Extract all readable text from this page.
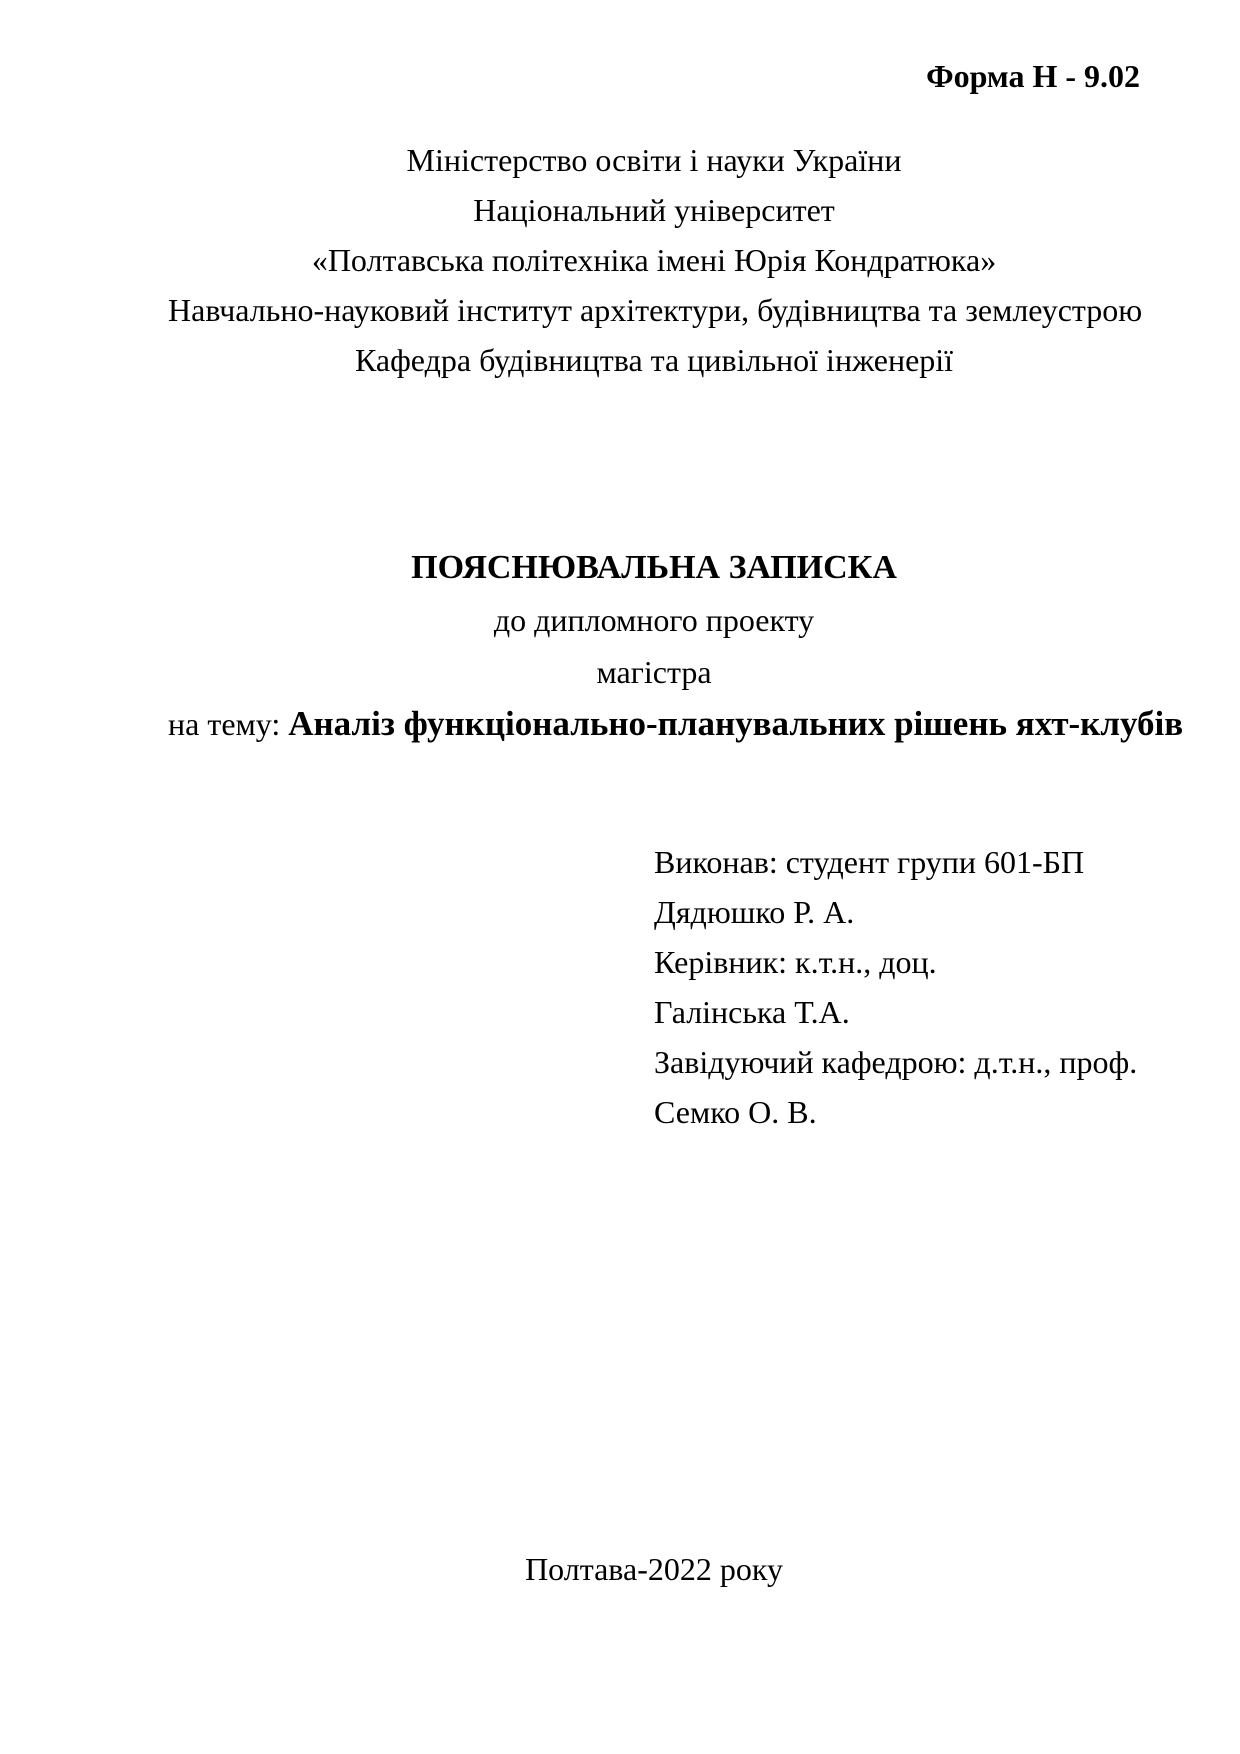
Форма Н - 9.02
Міністерство освіти і науки України
Національний університет
«Полтавська політехніка імені Юрія Кондратюка»
Навчально-науковий інститут архітектури, будівництва та землеустрою
Кафедра будівництва та цивільної інженерії
ПОЯСНЮВАЛЬНА ЗАПИСКА
до дипломного проекту
магістра
на тему: Аналіз функціонально-планувальних рішень яхт-клубів
Виконав: студент групи 601-БП
Дядюшко Р. А.
Керівник: к.т.н., доц.
Галінська Т.А.
Завідуючий кафедрою: д.т.н., проф.
Семко О. В.
Полтава-2022 року
